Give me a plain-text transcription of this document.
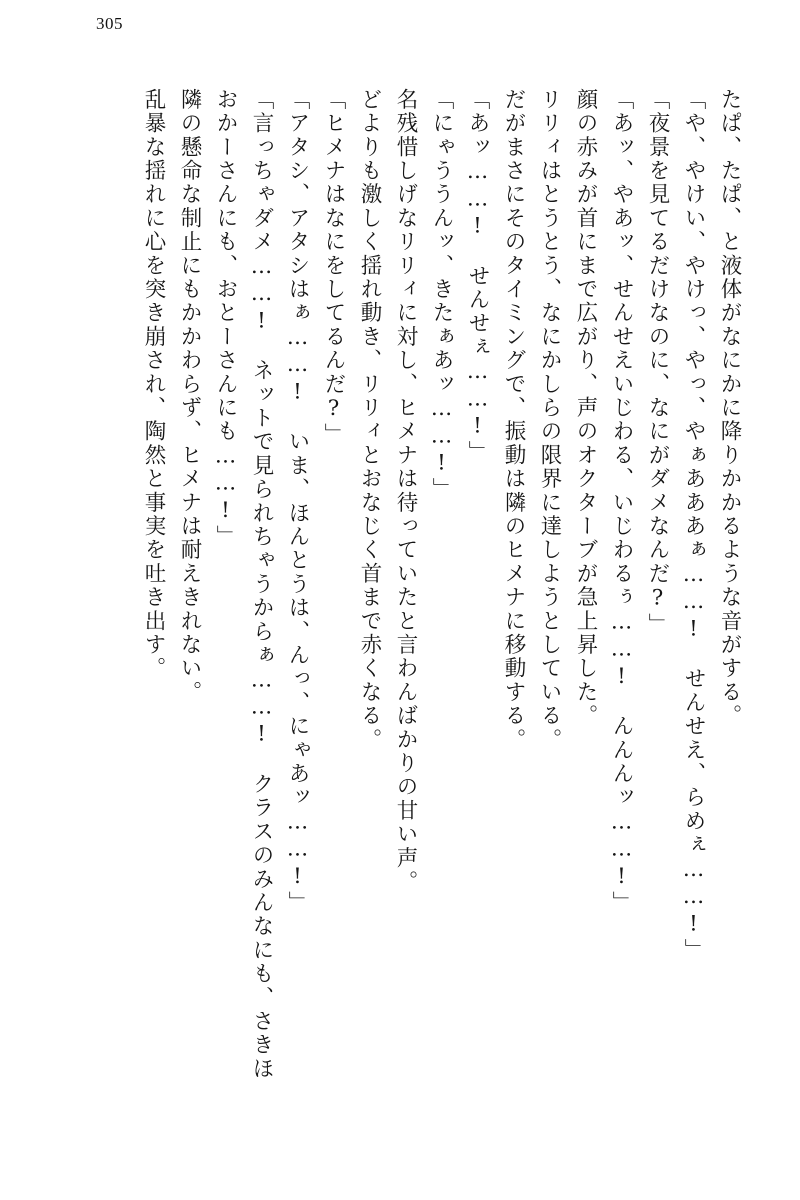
305
たぱ、たぱ、と液体がなにかに降りかかるような音がする。
「や、やけい、やけっ、やっ、やぁあああぁ……!　せんせえ、らめぇ……!」
「夜景を見てるだけなのに、なにがダメなんだ?」
「あッ、やあッ、せんせえいじわる、いじわるぅ……!　んんんッ……!」
顔の赤みが首にまで広がり、声のオクターブが急上昇した。
リリィはとうとう、なにかしらの限界に達しようとしている。
だがまさにそのタイミングで、振動は隣のヒメナに移動する。
「あッ……!　せんせぇ……!」
「にゃううんッ、きたぁあッ……!」
名残惜しげなリリィに対し、ヒメナは待っていたと言わんばかりの甘い声。
どよりも激しく揺れ動き、リリィとおなじく首まで赤くなる。
「ヒメナはなにをしてるんだ?」
「アタシ、アタシはぁ……!　いま、ほんとうは、んっ、にゃあッ……!」
「言っちゃダメ……!　ネットで見られちゃうからぁ……!　クラスのみんなにも、さきほ
おかーさんにも、おとーさんにも……!」
隣の懸命な制止にもかかわらず、ヒメナは耐えきれない。
乱暴な揺れに心を突き崩され、陶然と事実を吐き出す。
